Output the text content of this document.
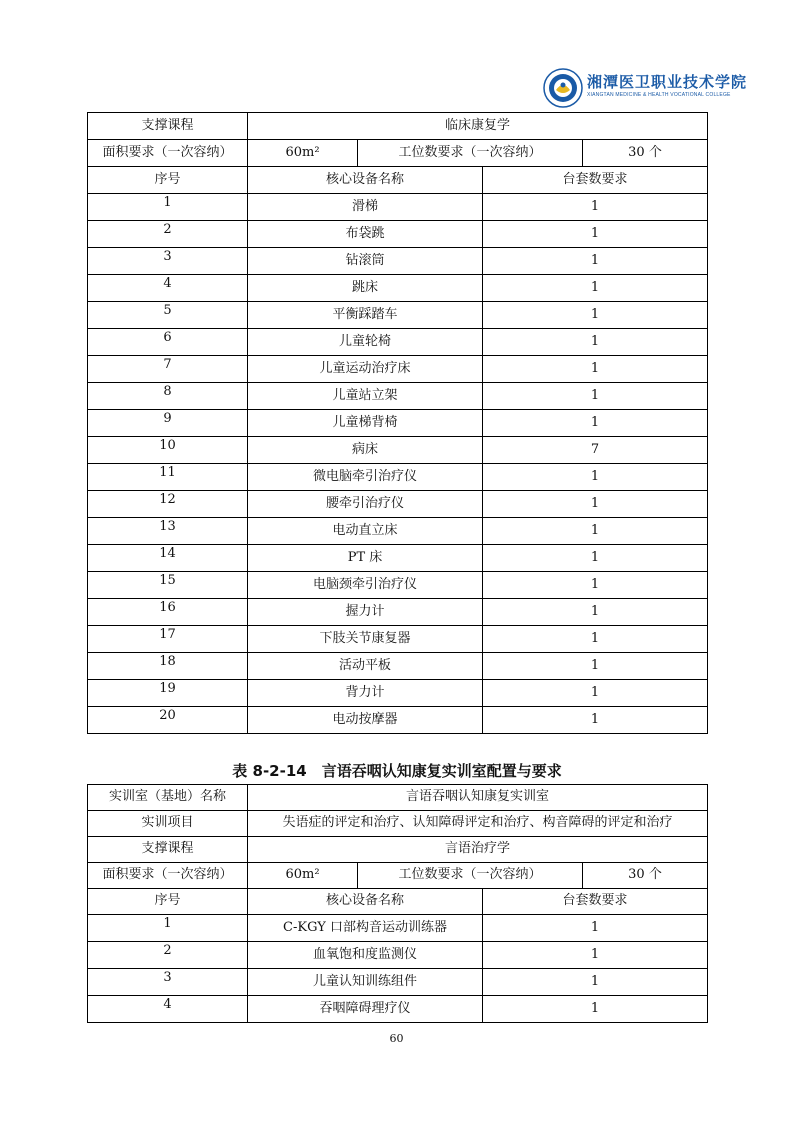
湘潭医卫职业技术学院
XIANGTAN MEDICINE & HEALTH VOCATIONAL COLLEGE
支撑课程	临床康复学			
面积要求（一次容纳）	60m²	工位数要求（一次容纳）		30 个
序号	核心设备名称		台套数要求	
1	滑梯		1	
2	布袋跳		1	
3	钻滚筒		1	
4	跳床		1	
5	平衡踩踏车		1	
6	儿童轮椅		1	
7	儿童运动治疗床		1	
8	儿童站立架		1	
9	儿童梯背椅		1	
10	病床		7	
11	微电脑牵引治疗仪		1	
12	腰牵引治疗仪		1	
13	电动直立床		1	
14	PT 床		1	
15	电脑颈牵引治疗仪		1	
16	握力计		1	
17	下肢关节康复器		1	
18	活动平板		1	
19	背力计		1	
20	电动按摩器		1	
表 8-2-14　言语吞咽认知康复实训室配置与要求
实训室（基地）名称	言语吞咽认知康复实训室			
实训项目	失语症的评定和治疗、认知障碍评定和治疗、构音障碍的评定和治疗			
支撑课程	言语治疗学			
面积要求（一次容纳）	60m²	工位数要求（一次容纳）		30 个
序号	核心设备名称		台套数要求	
1	C-KGY 口部构音运动训练器		1	
2	血氧饱和度监测仪		1	
3	儿童认知训练组件		1	
4	吞咽障碍理疗仪		1	
60
